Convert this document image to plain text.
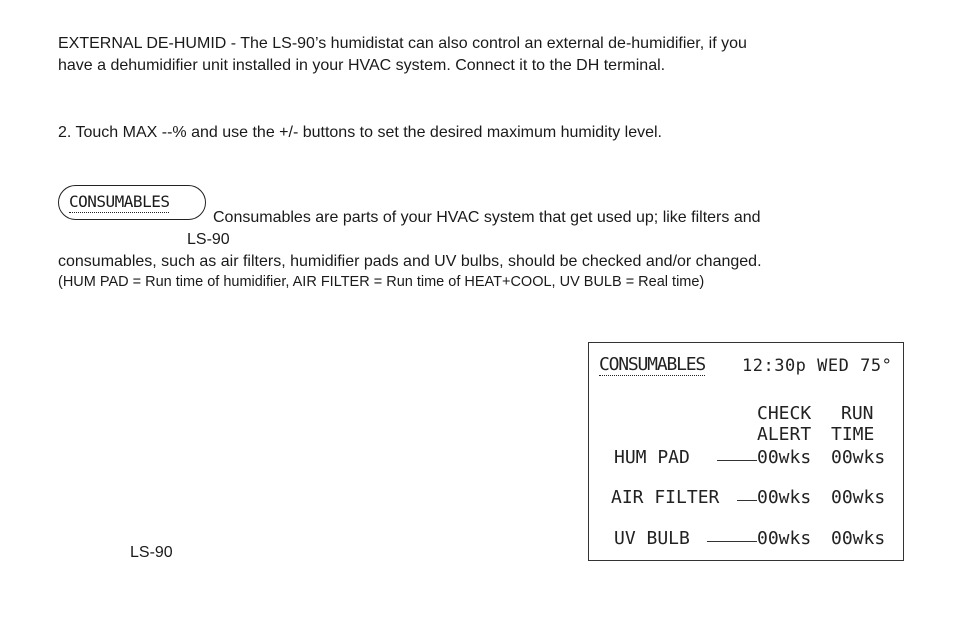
EXTERNAL DE-HUMID - The LS-90’s humidistat can also control an external de-humidifier, if you
have a dehumidifier unit installed in your HVAC system. Connect it to the DH terminal.
2. Touch MAX --% and use the +/- buttons to set the desired maximum humidity level.
CONSUMABLES
Consumables are parts of your HVAC system that get used up; like filters and
LS-90
consumables, such as air filters, humidifier pads and UV bulbs, should be checked and/or changed.
(HUM PAD = Run time of humidifier, AIR FILTER = Run time of HEAT+COOL, UV BULB = Real time)
LS-90
CONSUMABLES 12:30p WED 75°
CHECK
ALERT
RUN
TIME
HUM PAD	00wks 00wks
AIR FILTER 00wks 00wks
UV BULB	00wks 00wks
